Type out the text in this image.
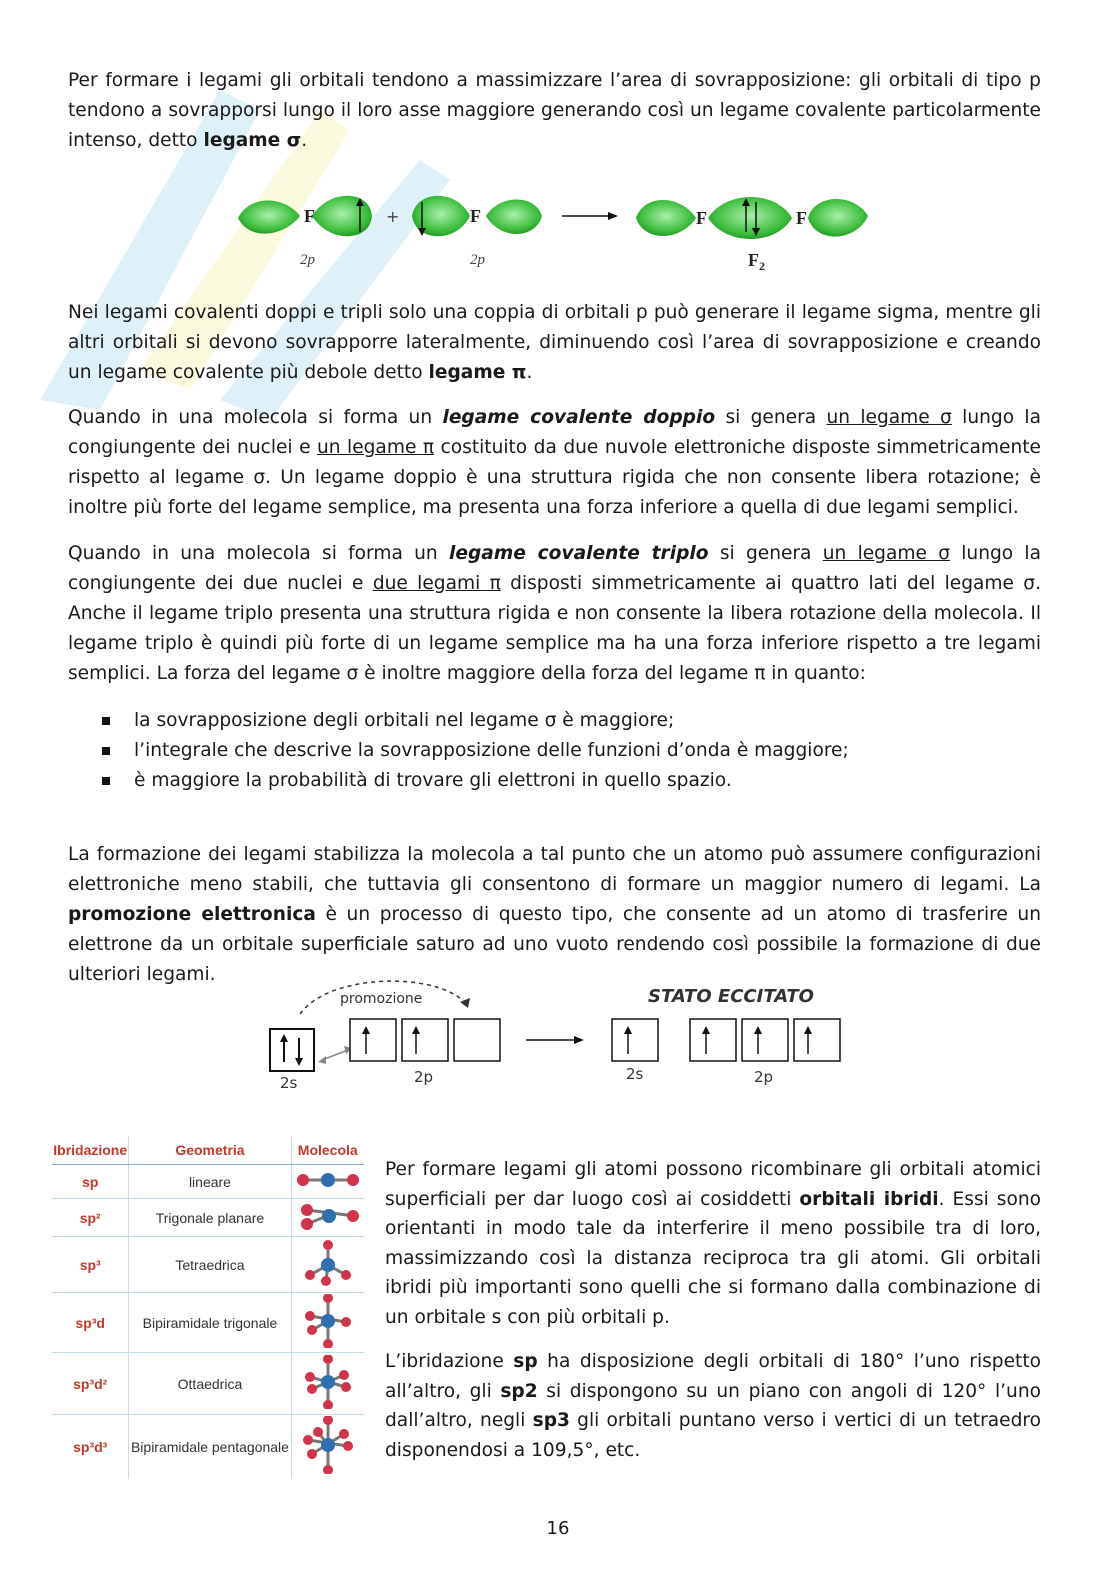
Per formare i legami gli orbitali tendono a massimizzare l’area di sovrapposizione: gli orbitali di tipo p tendono a sovrapporsi lungo il loro asse maggiore generando così un legame covalente particolarmente intenso, detto legame σ.

F
2p
+	F
2p
F	F
$F_2$

Nei legami covalenti doppi e tripli solo una coppia di orbitali p può generare il legame sigma, mentre gli altri orbitali si devono sovrapporre lateralmente, diminuendo così l’area di sovrapposizione e creando un legame covalente più debole detto legame π.

Quando in una molecola si forma un legame covalente doppio si genera un legame σ lungo la congiungente dei nuclei e un legame π costituito da due nuvole elettroniche disposte simmetricamente rispetto al legame σ. Un legame doppio è una struttura rigida che non consente libera rotazione; è inoltre più forte del legame semplice, ma presenta una forza inferiore a quella di due legami semplici.

Quando in una molecola si forma un legame covalente triplo si genera un legame σ lungo la congiungente dei due nuclei e due legami π disposti simmetricamente ai quattro lati del legame σ. Anche il legame triplo presenta una struttura rigida e non consente la libera rotazione della molecola. Il legame triplo è quindi più forte di un legame semplice ma ha una forza inferiore rispetto a tre legami semplici. La forza del legame σ è inoltre maggiore della forza del legame π in quanto:

la sovrapposizione degli orbitali nel legame σ è maggiore;
l’integrale che descrive la sovrapposizione delle funzioni d’onda è maggiore;
è maggiore la probabilità di trovare gli elettroni in quello spazio.

La formazione dei legami stabilizza la molecola a tal punto che un atomo può assumere configurazioni elettroniche meno stabili, che tuttavia gli consentono di formare un maggior numero di legami. La promozione elettronica è un processo di questo tipo, che consente ad un atomo di trasferire un elettrone da un orbitale superficiale saturo ad uno vuoto rendendo così possibile la formazione di due ulteriori legami.

promozione
2s	2p
STATO ECCITATO
2s	2p
Ibridazione	Geometria	Molecola
sp	lineare	
sp²	Trigonale planare	
sp³	Tetraedrica	
sp³d	Bipiramidale trigonale	
sp³d²	Ottaedrica	
sp³d³	Bipiramidale pentagonale	

Per formare legami gli atomi possono ricombinare gli orbitali atomici superficiali per dar luogo così ai cosiddetti orbitali ibridi. Essi sono orientanti in modo tale da interferire il meno possibile tra di loro, massimizzando così la distanza reciproca tra gli atomi. Gli orbitali ibridi più importanti sono quelli che si formano dalla combinazione di un orbitale s con più orbitali p.

L’ibridazione sp ha disposizione degli orbitali di 180° l’uno rispetto all’altro, gli sp2 si dispongono su un piano con angoli di 120° l’uno dall’altro, negli sp3 gli orbitali puntano verso i vertici di un tetraedro disponendosi a 109,5°, etc.

16
